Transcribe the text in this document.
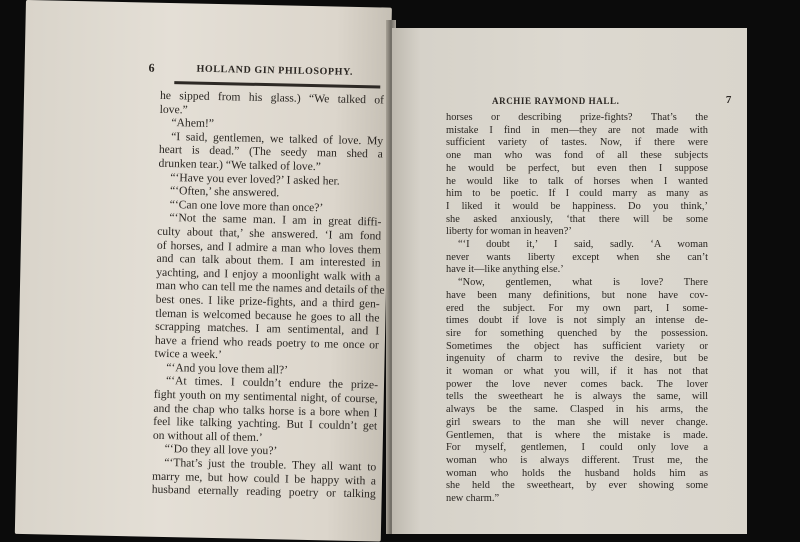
6	HOLLAND GIN PHILOSOPHY.
he sipped from his glass.) “We talked of
love.”
“Ahem!”
“I said, gentlemen, we talked of love. My
heart is dead.” (The seedy man shed a
drunken tear.) “We talked of love.”
“‘Have you ever loved?’ I asked her.
“‘Often,’ she answered.
“‘Can one love more than once?’
“‘Not the same man. I am in great diffi-
culty about that,’ she answered. ‘I am fond
of horses, and I admire a man who loves them
and can talk about them. I am interested in
yachting, and I enjoy a moonlight walk with a
man who can tell me the names and details of the
best ones. I like prize-fights, and a third gen-
tleman is welcomed because he goes to all the
scrapping matches. I am sentimental, and I
have a friend who reads poetry to me once or
twice a week.’
“‘And you love them all?’
“‘At times. I couldn’t endure the prize-
fight youth on my sentimental night, of course,
and the chap who talks horse is a bore when I
feel like talking yachting. But I couldn’t get
on without all of them.’
“‘Do they all love you?’
“‘That’s just the trouble. They all want to
marry me, but how could I be happy with a
husband eternally reading poetry or talking
ARCHIE RAYMOND HALL.	7
horses or describing prize-fights? That’s the
mistake I find in men—they are not made with
sufficient variety of tastes. Now, if there were
one man who was fond of all these subjects
he would be perfect, but even then I suppose
he would like to talk of horses when I wanted
him to be poetic. If I could marry as many as
I liked it would be happiness. Do you think,’
she asked anxiously, ‘that there will be some
liberty for woman in heaven?’
“‘I doubt it,’ I said, sadly. ‘A woman
never wants liberty except when she can’t
have it—like anything else.’
“Now, gentlemen, what is love? There
have been many definitions, but none have cov-
ered the subject. For my own part, I some-
times doubt if love is not simply an intense de-
sire for something quenched by the possession.
Sometimes the object has sufficient variety or
ingenuity of charm to revive the desire, but be
it woman or what you will, if it has not that
power the love never comes back. The lover
tells the sweetheart he is always the same, will
always be the same. Clasped in his arms, the
girl swears to the man she will never change.
Gentlemen, that is where the mistake is made.
For myself, gentlemen, I could only love a
woman who is always different. Trust me, the
woman who holds the husband holds him as
she held the sweetheart, by ever showing some
new charm.”
